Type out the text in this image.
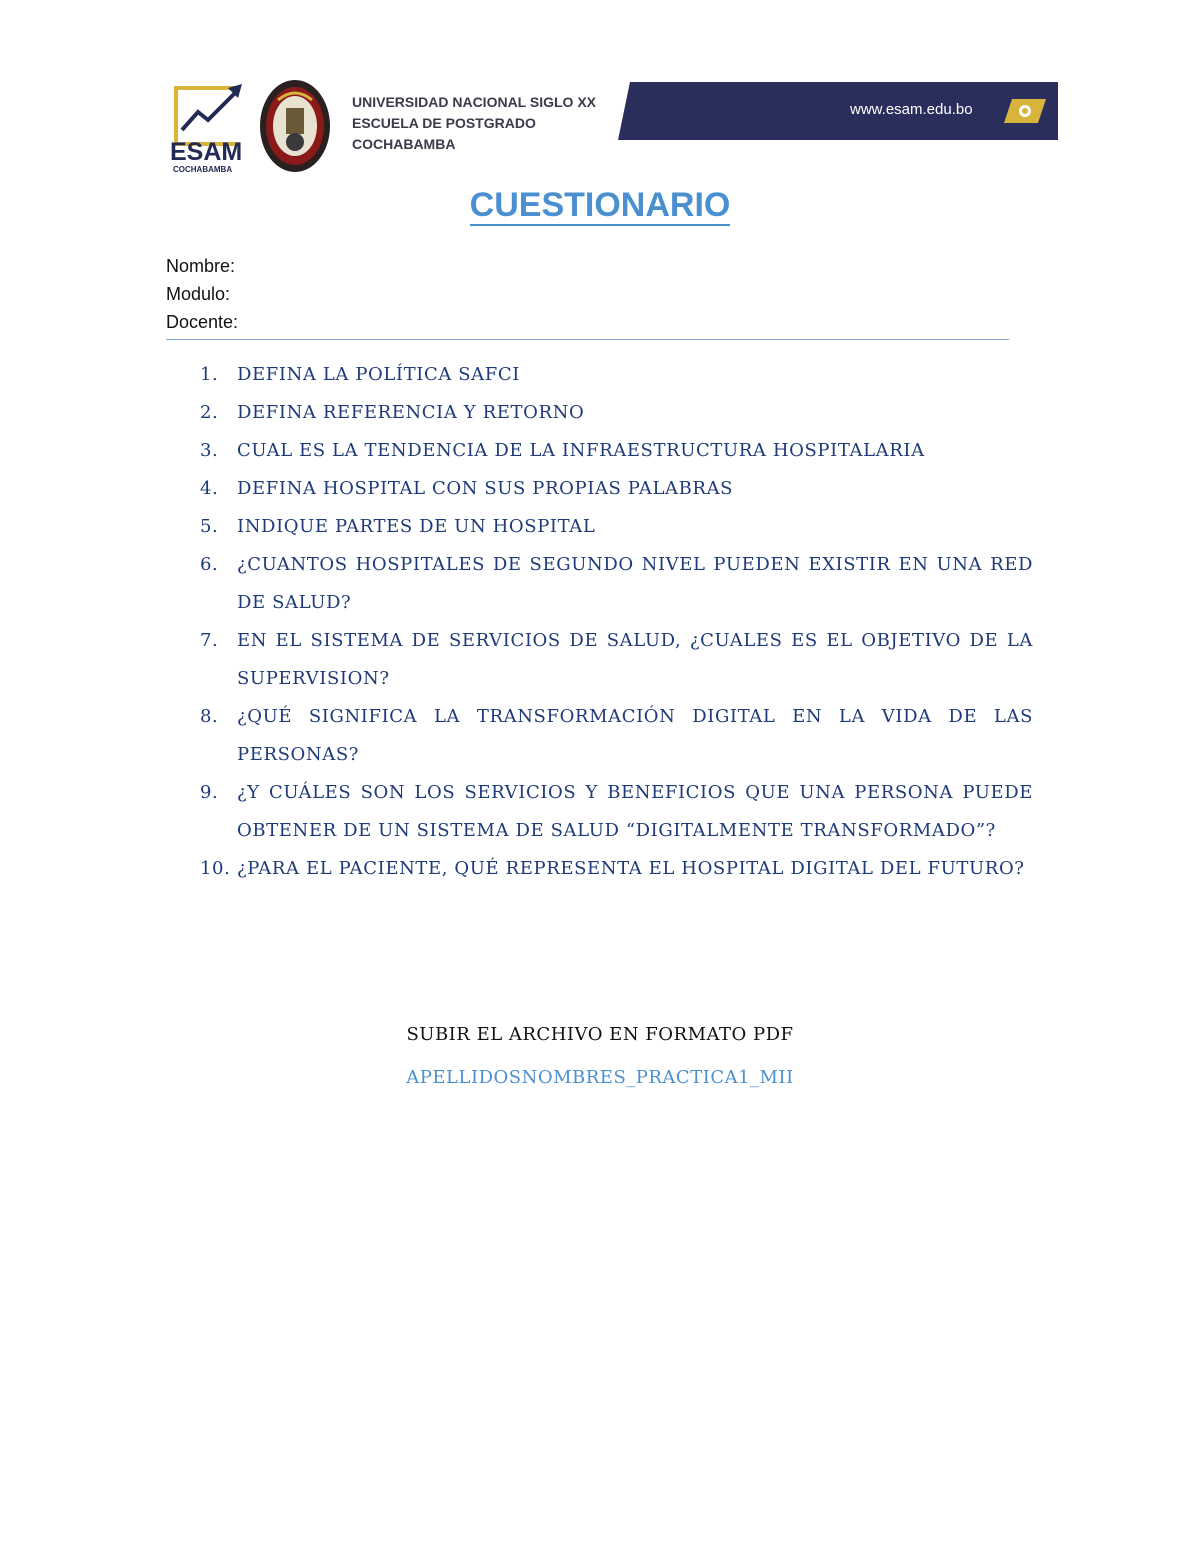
ESAM
COCHABAMBA
UNIVERSIDAD NACIONAL SIGLO XX
ESCUELA DE POSTGRADO
COCHABAMBA
www.esam.edu.bo
CUESTIONARIO
Nombre:
Modulo:
Docente:
1. DEFINA LA POLÍTICA SAFCI
2. DEFINA REFERENCIA Y RETORNO
3. CUAL ES LA TENDENCIA DE LA INFRAESTRUCTURA HOSPITALARIA
4. DEFINA HOSPITAL CON SUS PROPIAS PALABRAS
5. INDIQUE PARTES DE UN HOSPITAL
6. ¿CUANTOS HOSPITALES DE SEGUNDO NIVEL PUEDEN EXISTIR EN UNA RED DE SALUD?
7. EN EL SISTEMA DE SERVICIOS DE SALUD, ¿CUALES ES EL OBJETIVO DE LA SUPERVISION?
8. ¿QUÉ SIGNIFICA LA TRANSFORMACIÓN DIGITAL EN LA VIDA DE LAS PERSONAS?
9. ¿Y CUÁLES SON LOS SERVICIOS Y BENEFICIOS QUE UNA PERSONA PUEDE OBTENER DE UN SISTEMA DE SALUD “DIGITALMENTE TRANSFORMADO”?
10. ¿PARA EL PACIENTE, QUÉ REPRESENTA EL HOSPITAL DIGITAL DEL FUTURO?
SUBIR EL ARCHIVO EN FORMATO PDF
APELLIDOSNOMBRES_PRACTICA1_MII
